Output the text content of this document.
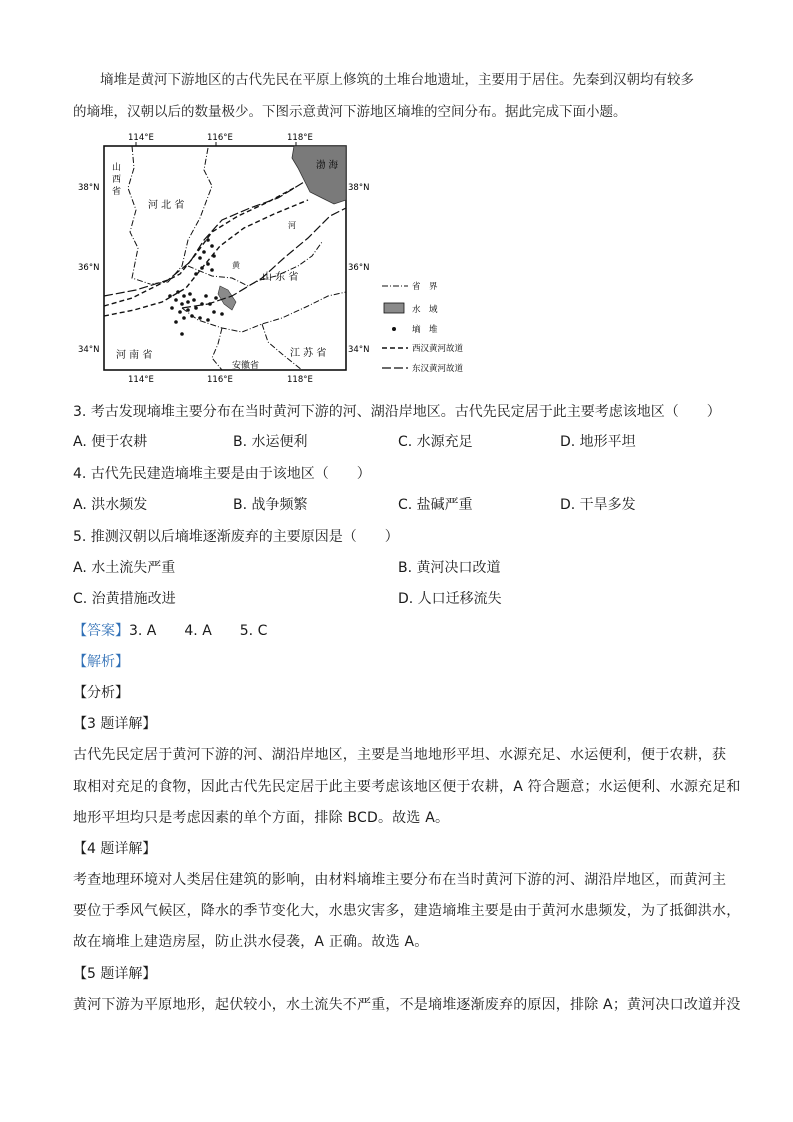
墒堆是黄河下游地区的古代先民在平原上修筑的土堆台地遗址，主要用于居住。先秦到汉朝均有较多
的墒堆，汉朝以后的数量极少。下图示意黄河下游地区墒堆的空间分布。据此完成下面小题。
114°E	116°E	118°E
114°E	116°E	118°E
38°N
36°N
34°N
38°N
36°N
34°N
渤 海
山
西
省
河 北 省
山 东 省
河 南 省	江 苏 省
安徽省
河
黄
省　界
水　域
墒　堆
西汉黄河故道
东汉黄河故道
3. 考古发现墒堆主要分布在当时黄河下游的河、湖沿岸地区。古代先民定居于此主要考虑该地区（　　）
A. 便于农耕	B. 水运便利	C. 水源充足	D. 地形平坦
4. 古代先民建造墒堆主要是由于该地区（　　）
A. 洪水频发	B. 战争频繁	C. 盐碱严重	D. 干旱多发
5. 推测汉朝以后墒堆逐渐废弃的主要原因是（　　）
A. 水土流失严重	B. 黄河决口改道
C. 治黄措施改进	D. 人口迁移流失
【答案】3. A　　4. A　　5. C
【解析】
【分析】
【3 题详解】
古代先民定居于黄河下游的河、湖沿岸地区，主要是当地地形平坦、水源充足、水运便利，便于农耕，获
取相对充足的食物，因此古代先民定居于此主要考虑该地区便于农耕，A 符合题意；水运便利、水源充足和
地形平坦均只是考虑因素的单个方面，排除 BCD。故选 A。
【4 题详解】
考查地理环境对人类居住建筑的影响，由材料墒堆主要分布在当时黄河下游的河、湖沿岸地区，而黄河主
要位于季风气候区，降水的季节变化大，水患灾害多，建造墒堆主要是由于黄河水患频发，为了抵御洪水，
故在墒堆上建造房屋，防止洪水侵袭，A 正确。故选 A。
【5 题详解】
黄河下游为平原地形，起伏较小，水土流失不严重，不是墒堆逐渐废弃的原因，排除 A；黄河决口改道并没
